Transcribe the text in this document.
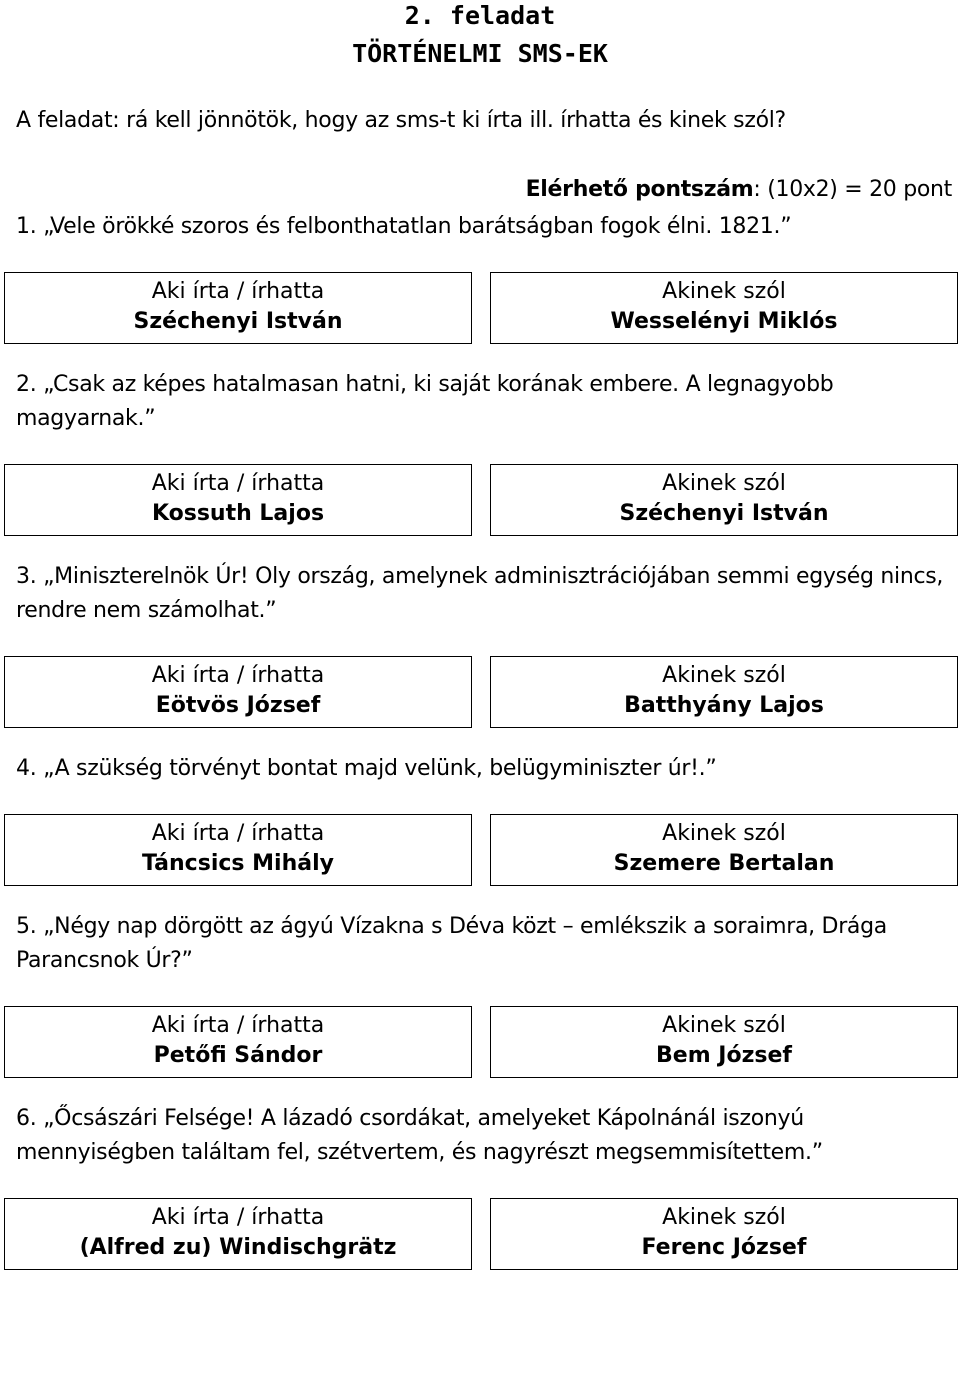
2. feladat
TÖRTÉNELMI SMS-EK
A feladat: rá kell jönnötök, hogy az sms-t ki írta ill. írhatta és kinek szól?
Elérhető pontszám: (10x2) = 20 pont

1. „Vele örökké szoros és felbonthatatlan barátságban fogok élni. 1821.”

Aki írta / írhatta
Széchenyi István

Akinek szól
Wesselényi Miklós

2. „Csak az képes hatalmasan hatni, ki saját korának embere. A legnagyobb magyarnak.”

Aki írta / írhatta
Kossuth Lajos

Akinek szól
Széchenyi István

3. „Miniszterelnök Úr! Oly ország, amelynek adminisztrációjában semmi egység nincs, rendre nem számolhat.”

Aki írta / írhatta
Eötvös József

Akinek szól
Batthyány Lajos

4. „A szükség törvényt bontat majd velünk, belügyminiszter úr!.”

Aki írta / írhatta
Táncsics Mihály

Akinek szól
Szemere Bertalan

5. „Négy nap dörgött az ágyú Vízakna s Déva közt – emlékszik a soraimra, Drága Parancsnok Úr?”

Aki írta / írhatta
Petőfi Sándor

Akinek szól
Bem József

6. „Őcsászári Felsége! A lázadó csordákat, amelyeket Kápolnánál iszonyú mennyiségben találtam fel, szétvertem, és nagyrészt megsemmisítettem.”

Aki írta / írhatta
(Alfred zu) Windischgrätz

Akinek szól
Ferenc József
